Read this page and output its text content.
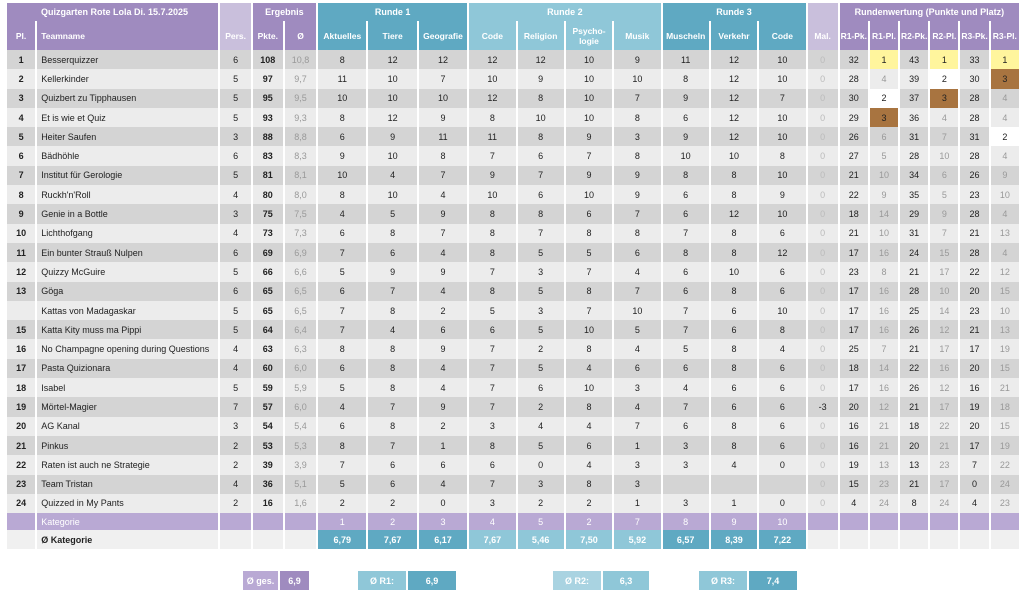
Quizgarten Rote Lola Di. 15.7.2025			Ergebnis		Runde 1			Runde 2				Runde 3				Rundenwertung (Punkte und Platz)					
Pl.	Teamname	Pers.	Pkte.	Ø	Aktuelles	Tiere	Geografie	Code	Religion	Psycho-logie	Musik	Muscheln	Verkehr	Code	Mal.	R1-Pk.	R1-Pl.	R2-Pk.	R2-Pl.	R3-Pk.	R3-Pl.
1	Besserquizzer	6	108	10,8	8	12	12	12	12	10	9	11	12	10	0	32	1	43	1	33	1
2	Kellerkinder	5	97	9,7	11	10	7	10	9	10	10	8	12	10	0	28	4	39	2	30	3
3	Quizbert zu Tipphausen	5	95	9,5	10	10	10	12	8	10	7	9	12	7	0	30	2	37	3	28	4
4	Et is wie et Quiz	5	93	9,3	8	12	9	8	10	10	8	6	12	10	0	29	3	36	4	28	4
5	Heiter Saufen	3	88	8,8	6	9	11	11	8	9	3	9	12	10	0	26	6	31	7	31	2
6	Bädhöhle	6	83	8,3	9	10	8	7	6	7	8	10	10	8	0	27	5	28	10	28	4
7	Institut für Gerologie	5	81	8,1	10	4	7	9	7	9	9	8	8	10	0	21	10	34	6	26	9
8	Ruckh'n'Roll	4	80	8,0	8	10	4	10	6	10	9	6	8	9	0	22	9	35	5	23	10
9	Genie in a Bottle	3	75	7,5	4	5	9	8	8	6	7	6	12	10	0	18	14	29	9	28	4
10	Lichthofgang	4	73	7,3	6	8	7	8	7	8	8	7	8	6	0	21	10	31	7	21	13
11	Ein bunter Strauß Nulpen	6	69	6,9	7	6	4	8	5	5	6	8	8	12	0	17	16	24	15	28	4
12	Quizzy McGuire	5	66	6,6	5	9	9	7	3	7	4	6	10	6	0	23	8	21	17	22	12
13	Göga	6	65	6,5	6	7	4	8	5	8	7	6	8	6	0	17	16	28	10	20	15
	Kattas von Madagaskar	5	65	6,5	7	8	2	5	3	7	10	7	6	10	0	17	16	25	14	23	10
15	Katta Kity muss ma Pippi	5	64	6,4	7	4	6	6	5	10	5	7	6	8	0	17	16	26	12	21	13
16	No Champagne opening during Questions	4	63	6,3	8	8	9	7	2	8	4	5	8	4	0	25	7	21	17	17	19
17	Pasta Quizionara	4	60	6,0	6	8	4	7	5	4	6	6	8	6	0	18	14	22	16	20	15
18	Isabel	5	59	5,9	5	8	4	7	6	10	3	4	6	6	0	17	16	26	12	16	21
19	Mörtel-Magier	7	57	6,0	4	7	9	7	2	8	4	7	6	6	-3	20	12	21	17	19	18
20	AG Kanal	3	54	5,4	6	8	2	3	4	4	7	6	8	6	0	16	21	18	22	20	15
21	Pinkus	2	53	5,3	8	7	1	8	5	6	1	3	8	6	0	16	21	20	21	17	19
22	Raten ist auch ne Strategie	2	39	3,9	7	6	6	6	0	4	3	3	4	0	0	19	13	13	23	7	22
23	Team Tristan	4	36	5,1	5	6	4	7	3	8	3				0	15	23	21	17	0	24
24	Quizzed in My Pants	2	16	1,6	2	2	0	3	2	2	1	3	1	0	0	4	24	8	24	4	23
	Kategorie				1	2	3	4	5	2	7	8	9	10							
	Ø Kategorie				6,79	7,67	6,17	7,67	5,46	7,50	5,92	6,57	8,39	7,22							
Ø ges.	6,9	Ø R1:	6,9	Ø R2:	6,3	Ø R3:	7,4
